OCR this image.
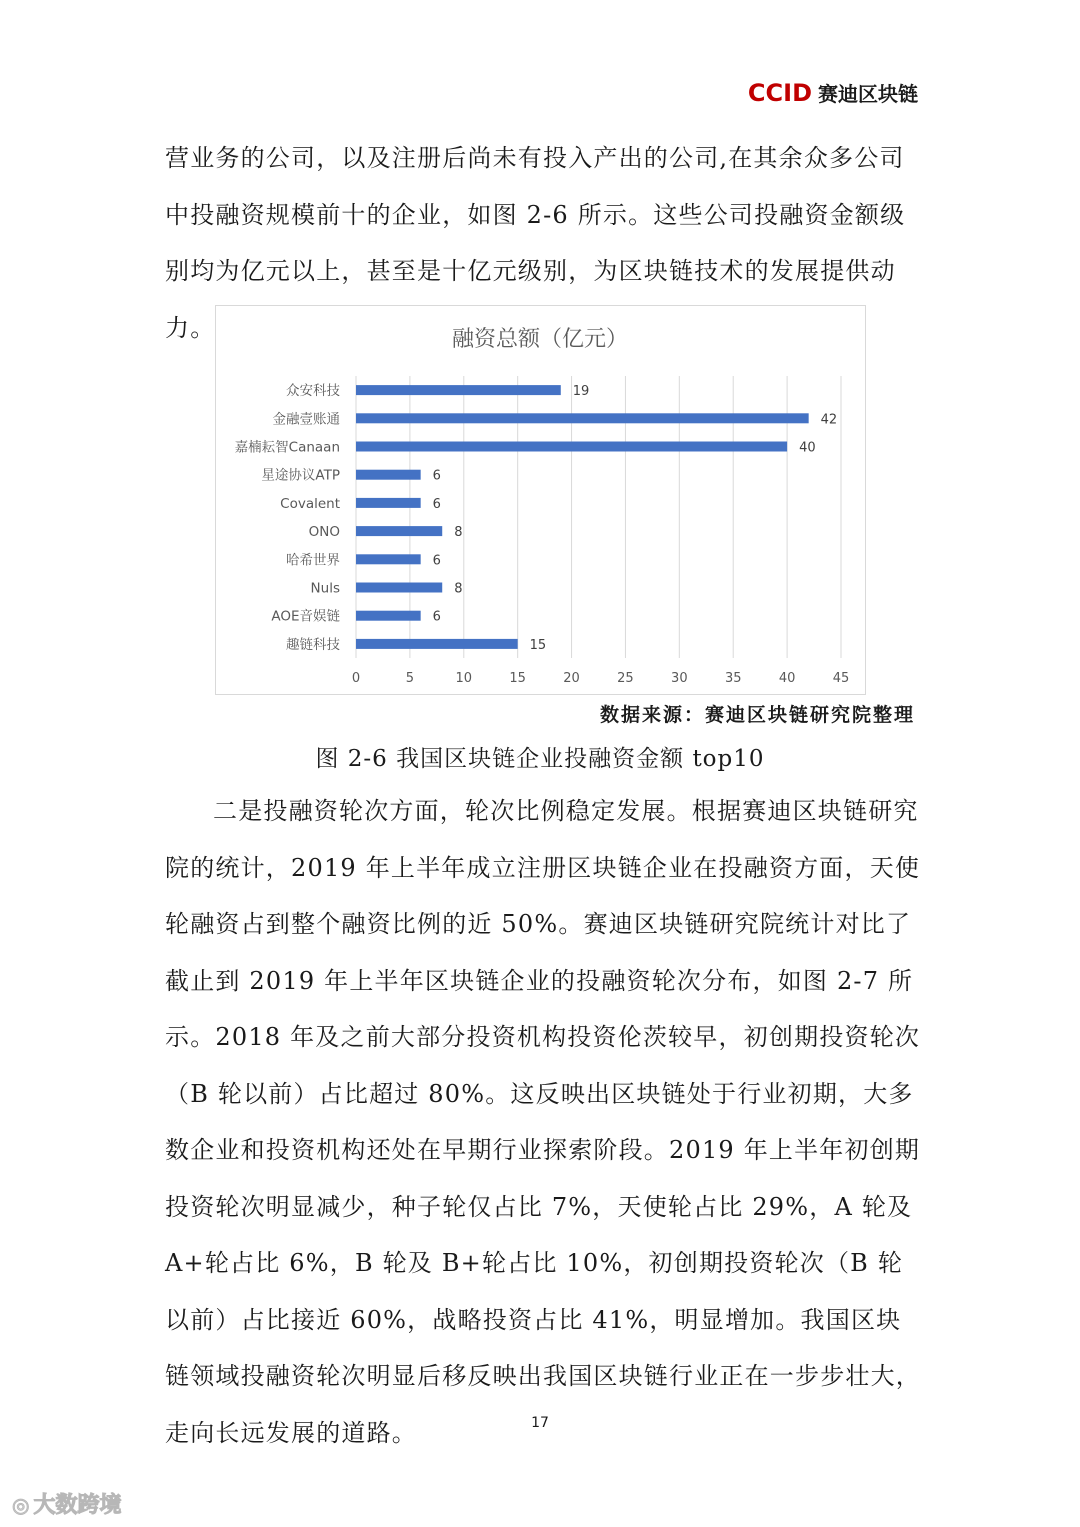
CCID 赛迪区块链

营业务的公司，以及注册后尚未有投入产出的公司,在其余众多公司中投融资规模前十的企业，如图 2-6 所示。这些公司投融资金额级别均为亿元以上，甚至是十亿元级别，为区块链技术的发展提供动力。	融资总额（亿元）
0	5	10	15	20	25	30	35	40	45
众安科技	19
金融壹账通	42
嘉楠耘智Canaan	40
星途协议ATP	6
Covalent	6
ONO	8
哈希世界	6
Nuls	8
AOE音娱链	6
趣链科技	15
数据来源：赛迪区块链研究院整理
图 2-6 我国区块链企业投融资金额 top10

二是投融资轮次方面，轮次比例稳定发展。根据赛迪区块链研究院的统计，2019 年上半年成立注册区块链企业在投融资方面，天使轮融资占到整个融资比例的近 50%。赛迪区块链研究院统计对比了截止到 2019 年上半年区块链企业的投融资轮次分布，如图 2-7 所示。2018 年及之前大部分投资机构投资伦茨较早，初创期投资轮次（B 轮以前）占比超过 80%。这反映出区块链处于行业初期，大多数企业和投资机构还处在早期行业探索阶段。2019 年上半年初创期投资轮次明显减少，种子轮仅占比 7%，天使轮占比 29%，A 轮及 A+轮占比 6%，B 轮及 B+轮占比 10%，初创期投资轮次（B 轮以前）占比接近 60%，战略投资占比 41%，明显增加。我国区块链领域投融资轮次明显后移反映出我国区块链行业正在一步步壮大，走向长远发展的道路。	17
◎ 大数跨境
